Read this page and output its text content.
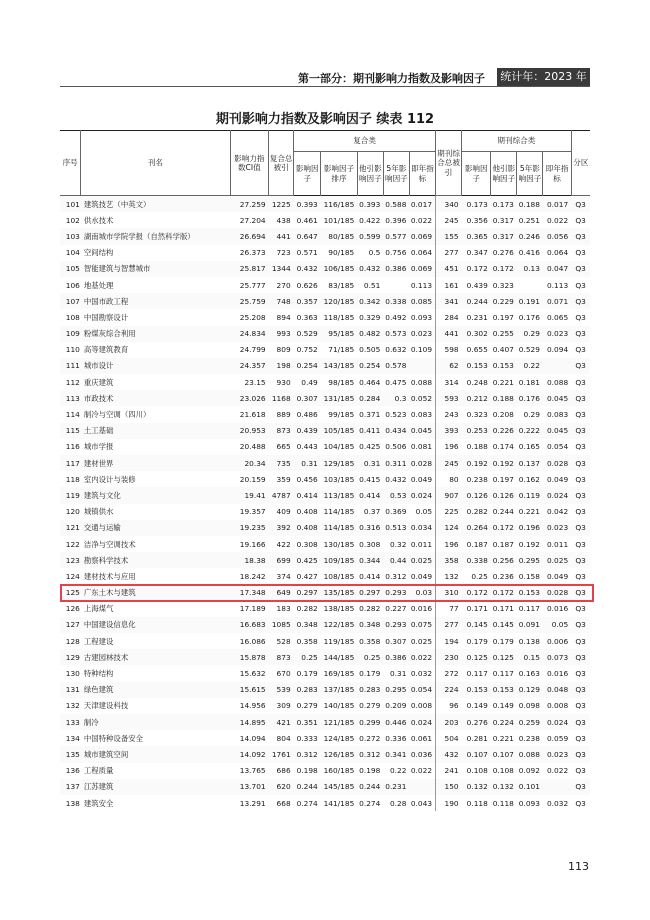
第一部分：期刊影响力指数及影响因子 统计年：2023 年
期刊影响力指数及影响因子 续表 112
序号	刊名	影响力指数CI值	复合总被引	复合类					期刊综合总被引	期刊综合类				分区
				影响因子	影响因子排序	他引影响因子	5年影响因子	即年指标		影响因子	他引影响因子	5年影响因子	即年指标	
101	建筑技艺（中英文）	27.259	1225	0.393	116/185	0.393	0.588	0.017	340	0.173	0.173	0.188	0.017	Q3
102	供水技术	27.204	438	0.461	101/185	0.422	0.396	0.022	245	0.356	0.317	0.251	0.022	Q3
103	湖南城市学院学报（自然科学版）	26.694	441	0.647	80/185	0.599	0.577	0.069	155	0.365	0.317	0.246	0.056	Q3
104	空间结构	26.373	723	0.571	90/185	0.5	0.756	0.064	277	0.347	0.276	0.416	0.064	Q3
105	智能建筑与智慧城市	25.817	1344	0.432	106/185	0.432	0.386	0.069	451	0.172	0.172	0.13	0.047	Q3
106	地基处理	25.777	270	0.626	83/185	0.51		0.113	161	0.439	0.323		0.113	Q3
107	中国市政工程	25.759	748	0.357	120/185	0.342	0.338	0.085	341	0.244	0.229	0.191	0.071	Q3
108	中国勘察设计	25.208	894	0.363	118/185	0.329	0.492	0.093	284	0.231	0.197	0.176	0.065	Q3
109	粉煤灰综合利用	24.834	993	0.529	95/185	0.482	0.573	0.023	441	0.302	0.255	0.29	0.023	Q3
110	高等建筑教育	24.799	809	0.752	71/185	0.505	0.632	0.109	598	0.655	0.407	0.529	0.094	Q3
111	城市设计	24.357	198	0.254	143/185	0.254	0.578		62	0.153	0.153	0.22		Q3
112	重庆建筑	23.15	930	0.49	98/185	0.464	0.475	0.088	314	0.248	0.221	0.181	0.088	Q3
113	市政技术	23.026	1168	0.307	131/185	0.284	0.3	0.052	593	0.212	0.188	0.176	0.045	Q3
114	制冷与空调（四川）	21.618	889	0.486	99/185	0.371	0.523	0.083	243	0.323	0.208	0.29	0.083	Q3
115	土工基础	20.953	873	0.439	105/185	0.411	0.434	0.045	393	0.253	0.226	0.222	0.045	Q3
116	城市学报	20.488	665	0.443	104/185	0.425	0.506	0.081	196	0.188	0.174	0.165	0.054	Q3
117	建材世界	20.34	735	0.31	129/185	0.31	0.311	0.028	245	0.192	0.192	0.137	0.028	Q3
118	室内设计与装修	20.159	359	0.456	103/185	0.415	0.432	0.049	80	0.238	0.197	0.162	0.049	Q3
119	建筑与文化	19.41	4787	0.414	113/185	0.414	0.53	0.024	907	0.126	0.126	0.119	0.024	Q3
120	城镇供水	19.357	409	0.408	114/185	0.37	0.369	0.05	225	0.282	0.244	0.221	0.042	Q3
121	交通与运输	19.235	392	0.408	114/185	0.316	0.513	0.034	124	0.264	0.172	0.196	0.023	Q3
122	洁净与空调技术	19.166	422	0.308	130/185	0.308	0.32	0.011	196	0.187	0.187	0.192	0.011	Q3
123	勘察科学技术	18.38	699	0.425	109/185	0.344	0.44	0.025	358	0.338	0.256	0.295	0.025	Q3
124	建材技术与应用	18.242	374	0.427	108/185	0.414	0.312	0.049	132	0.25	0.236	0.158	0.049	Q3
125	广东土木与建筑	17.348	649	0.297	135/185	0.297	0.293	0.03	310	0.172	0.172	0.153	0.028	Q3
126	上海煤气	17.189	183	0.282	138/185	0.282	0.227	0.016	77	0.171	0.171	0.117	0.016	Q3
127	中国建设信息化	16.683	1085	0.348	122/185	0.348	0.293	0.075	277	0.145	0.145	0.091	0.05	Q3
128	工程建设	16.086	528	0.358	119/185	0.358	0.307	0.025	194	0.179	0.179	0.138	0.006	Q3
129	古建园林技术	15.878	873	0.25	144/185	0.25	0.386	0.022	230	0.125	0.125	0.15	0.073	Q3
130	特种结构	15.632	670	0.179	169/185	0.179	0.31	0.032	272	0.117	0.117	0.163	0.016	Q3
131	绿色建筑	15.615	539	0.283	137/185	0.283	0.295	0.054	224	0.153	0.153	0.129	0.048	Q3
132	天津建设科技	14.956	309	0.279	140/185	0.279	0.209	0.008	96	0.149	0.149	0.098	0.008	Q3
133	制冷	14.895	421	0.351	121/185	0.299	0.446	0.024	203	0.276	0.224	0.259	0.024	Q3
134	中国特种设备安全	14.094	804	0.333	124/185	0.272	0.336	0.061	504	0.281	0.221	0.238	0.059	Q3
135	城市建筑空间	14.092	1761	0.312	126/185	0.312	0.341	0.036	432	0.107	0.107	0.088	0.023	Q3
136	工程质量	13.765	686	0.198	160/185	0.198	0.22	0.022	241	0.108	0.108	0.092	0.022	Q3
137	江苏建筑	13.701	620	0.244	145/185	0.244	0.231		150	0.132	0.132	0.101		Q3
138	建筑安全	13.291	668	0.274	141/185	0.274	0.28	0.043	190	0.118	0.118	0.093	0.032	Q3
113
